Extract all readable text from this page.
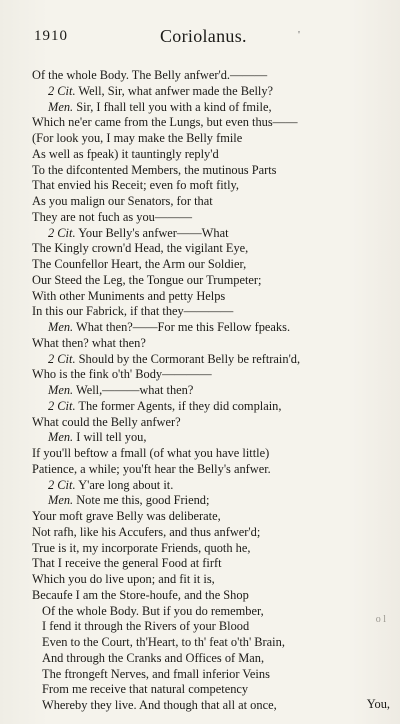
1910	Coriolanus.	'
Of the whole Body. The Belly anfwer'd.———
2 Cit. Well, Sir, what anfwer made the Belly?
Men. Sir, I fhall tell you with a kind of fmile,
Which ne'er came from the Lungs, but even thus——
(For look you, I may make the Belly fmile
As well as fpeak) it tauntingly reply'd
To the difcontented Members, the mutinous Parts
That envied his Receit; even fo moft fitly,
As you malign our Senators, for that
They are not fuch as you———
2 Cit. Your Belly's anfwer——What
The Kingly crown'd Head, the vigilant Eye,
The Counfellor Heart, the Arm our Soldier,
Our Steed the Leg, the Tongue our Trumpeter;
With other Muniments and petty Helps
In this our Fabrick, if that they————
Men. What then?——For me this Fellow fpeaks.
What then? what then?
2 Cit. Should by the Cormorant Belly be reftrain'd,
Who is the fink o'th' Body————
Men. Well,———what then?
2 Cit. The former Agents, if they did complain,
What could the Belly anfwer?
Men. I will tell you,
If you'll beftow a fmall (of what you have little)
Patience, a while; you'ft hear the Belly's anfwer.
2 Cit. Y'are long about it.
Men. Note me this, good Friend;
Your moft grave Belly was deliberate,
Not rafh, like his Accufers, and thus anfwer'd;
True is it, my incorporate Friends, quoth he,
That I receive the general Food at firft
Which you do live upon; and fit it is,
Becaufe I am the Store-houfe, and the Shop
Of the whole Body. But if you do remember,
I fend it through the Rivers of your Blood
Even to the Court, th'Heart, to th' feat o'th' Brain,
And through the Cranks and Offices of Man,
The ftrongeft Nerves, and fmall inferior Veins
From me receive that natural competency
Whereby they live. And though that all at once,
o l
You,
